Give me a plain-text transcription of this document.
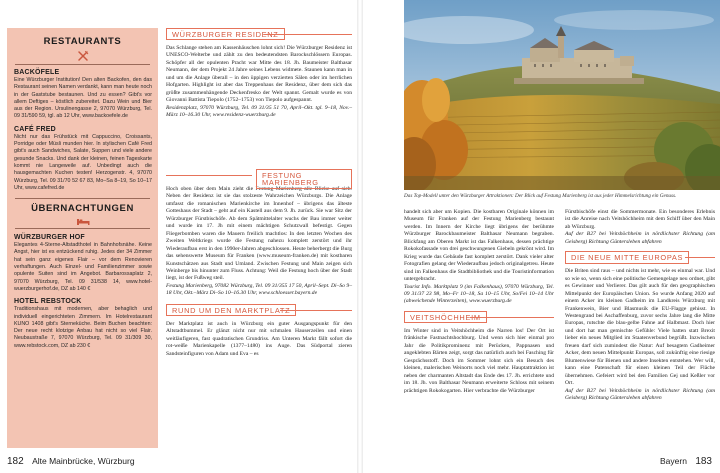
RESTAURANTS
BACKÖFELE
Eine Würzburger Institution! Den alten Backofen, den das Restaurant seinen Namen verdankt, kann man heute noch in der Gaststube bestaunen. Und zu essen? Gibt's vor allem Deftiges – köstlich zubereitet. Dazu Wein und Bier aus der Region. Ursulinengasse 2, 97070 Würzburg, Tel. 09 31/590 59, tgl. ab 12 Uhr, www.backoefele.de
CAFÉ FRED
Nicht nur das Frühstück mit Cappuccino, Croissants, Porridge oder Müsli munden hier. In stylischen Café Fred gibt's auch Sandwiches, Salate, Suppen und viele andere gesunde Snacks. Und dank der kleinen, feinen Tageskarte kommt nie Langeweile auf. Unbedingt auch die hausgemachten Kuchen testen! Herzogenstr. 4, 97070 Würzburg, Tel. 09 31/70 52 67 83, Mo–Sa 8–19, So 10–17 Uhr, www.cafefred.de
ÜBERNACHTUNGEN
WÜRZBURGER HOF
Elegantes 4-Sterne-Altstadthotel in Bahnhofsnähe. Keine Angst, hier ist es entzückend ruhig. Jedes der 34 Zimmer hat sein ganz eigenes Flair – vor dem Renovieren verhaftungen. Auch Einzel- und Familienzimmer sowie opulente Suiten sind im Angebot. Barbarossaplatz 2, 97070 Würzburg, Tel. 09 31/538 14, www.hotel-wuerzburgerhof.de, DZ ab 140 €
HOTEL REBSTOCK
Traditionshaus mit modernen, aber behaglich und individuell eingerichteten Zimmern. Im Hotelrestaurant KUNO 1408 gibt's Sterneküche. Beim Buchen beachten: Der neue recht klotzige Anbau hat nicht so viel Flair. Neubaustraße 7, 97070 Würzburg, Tel. 09 31/309 30, www.rebstock.com, DZ ab 230 €
WÜRZBURGER RESIDENZ

Das Schlange stehen am Kassenhäuschen lohnt sich! Die Würzburger Residenz ist UNESCO-Welterbe und zählt zu den bedeutendsten Barockschlössern Europas. Schöpfer all der opulenten Pracht war Mitte des 18. Jh. Baumeister Balthasar Neumann, der dem Projekt 24 Jahre seines Lebens widmete. Staunen kann man in und um die Anlage überall – in den üppigen verzierten Sälen oder im herrlichen Hofgarten. Highlight ist aber das Treppenhaus der Residenz, über dem sich das größte zusammenhängende Deckenfresko der Welt spannt. Gemalt wurde es von Giovanni Battista Tiepolo (1752–1753) von Tiepolo aufgespannt.

Residenzplatz, 97070 Würzburg, Tel. 09 31/35 51 70, April–Okt. tgl. 9–18, Nov.–März 10–16.30 Uhr, www.residenz-wuerzburg.de

FESTUNG MARIENBERG

Hoch oben über dem Main zieht die Festung Marienberg alle Blicke auf sich. Neben der Residenz ist sie das stolzeste Wahrzeichen Würzburgs. Die Anlage umfasst die romanischen Marienkirche im Innenhof – übrigens das älteste Gotteshaus der Stadt – geht auf ein Kastell aus dem 9. Jh. zurück. Sie war Sitz der Würzburger Fürstbischöfe. Ab dem Spätmittelalter wuchs der Bau immer weiter und wurde im 17. Jh mit einem mächtigen Schutzwall befestigt. Gegen Fliegerbomben waren die Mauern freilich machtlos: In den letzten Wochen des Zweiten Weltkriegs wurde die Festung nahezu komplett zerstört und ihr Wiederaufbau erst in den 1990er-Jahren abgeschlossen. Heute beherbergt die Burg das sehenswerte Museum für Franken (www.museum-franken.de) mit kostbaren Kunstschätzen aus Stadt und Umland. Zwischen Festung und Main zeigen sich Weinberge bis hinunter zum Fluss. Achtung: Weil die Festung hoch über der Stadt liegt, ist der Fußweg steil.

Festung Marienberg, 97082 Würzburg, Tel. 09 31/355 17 50, April–Sept. Di–So 9–18 Uhr, Okt.–März Di–So 10–16.30 Uhr, www.schloesser.bayern.de

RUND UM DEN MARKTPLATZ

Der Marktplatz ist auch in Würzburg ein guter Ausgangspunkt für den Altstadtbummel. Er glänzt nicht nur mit schmalen Hauserzeilen und einen weitläufigeren, fast quadratischen Grundriss. Am Unteren Markt fällt sofort die rot-weiße Marienkapelle (1377–1480) ins Auge. Das Südportal zieren Sandsteinfiguren von Adam und Eva – es

Das Top-Modell unter den Würzburger Attraktionen: Der Blick auf Festung Marienberg ist aus jeder Himmelsrichtung ein Genuss.

handelt sich aber um Kopien. Die kostbaren Originale können im Museum für Franken auf der Festung Marienberg bestaunt werden. Im Innern der Kirche liegt übrigens der berühmte Würzburger Barockbaumeister Balthasar Neumann begraben. Blickfang am Oberen Markt ist das Falkenhaus, dessen prächtige Rokokofassade von drei geschwungenen Giebeln gekrönt wird. Im Krieg wurde das Gebäude fast komplett zerstört. Dank vieler alter Fotografien gelang der Wiederaufbau jedoch originalgetreu. Heute sind im Falkenhaus die Stadtbibliothek und die Touristinformation untergebracht.

Tourist Info. Marktplatz 9 (im Falkenhaus), 97070 Würzburg, Tel. 09 31/37 23 98, Mo–Fr 10–18, Sa 10–15 Uhr, So/Fei 10–14 Uhr (abweichende Winterzeiten), www.wuerzburg.de

VEITSHÖCHHEIM

Im Winter sind in Veitshöchheim die Narren los! Der Ort ist fränkische Fastnachtshochburg. Und wenn sich hier einmal pro Jahr die Politikprominenz mit Perücken, Pappnasen und angeklebten Bärten zeigt, sorgt das natürlich auch bei Fasching für Gesprächsstoff. Doch im Sommer lohnt sich ein Besuch des kleinen, malerischen Weinorts noch viel mehr. Hauptattraktion ist neben der charmanten Altstadt das Ende des 17. Jh. errichtete und im 18. Jh. von Balthasar Neumann erweiterte Schloss mit seinem prächtigen Rokokogarten. Hier verbrachte die Würzburger

Fürstbischöfe einst die Sommermonate. Ein besonderes Erlebnis ist die Anreise nach Veitshöchheim mit dem Schiff über den Main ab Würzburg.

Auf der B27 bei Veitshöchheim in nördlichster Richtung (am Geisberg) Richtung Güntersleben abfahren

DIE NEUE MITTE EUROPAS

Die Briten sind raus – und nichts ist mehr, wie es einmal war. Und so wie so, wenn sich eine politische Gemengelage neu ordnet, gibt es Gewinner und Verlierer. Das gilt auch für den geographischen Mittelpunkt der Europäischen Union. So wurde Anfang 2020 auf einem Acker im kleinen Gadheim im Landkreis Würzburg mit Frankenwein, Bier und Blasmusik die EU-Flagge gehisst. In Westengrand bei Aschaffenburg, zuvor sechs Jahre lang die Mitte Europas, rutschte die blau-gelbe Fahne auf Halbmast. Doch hier und dort hat man gemischte Gefühle: Viele hatten statt Brexit lieber ein neues Mitglied im Staatenverbund begrüßt. Inzwischen freuen darf sich zumindest die Natur: Auf besagtem Gadheimer Acker, dem neuen Mittelpunkt Europas, soll zukünftig eine riesige Blumenwiese für Bienen und andere Insekten entstehen. Wer will, kann eine Patenschaft für einen kleinen Teil der Fläche übernehmen. Gefeiert wird bei den Familien Gej und Keßler vor Ort.

Auf der B27 bei Veitshöchheim in nördlichster Richtung (am Geisberg) Richtung Güntersleben abfahren

182 Alte Mainbrücke, Würzburg	Bayern 183
